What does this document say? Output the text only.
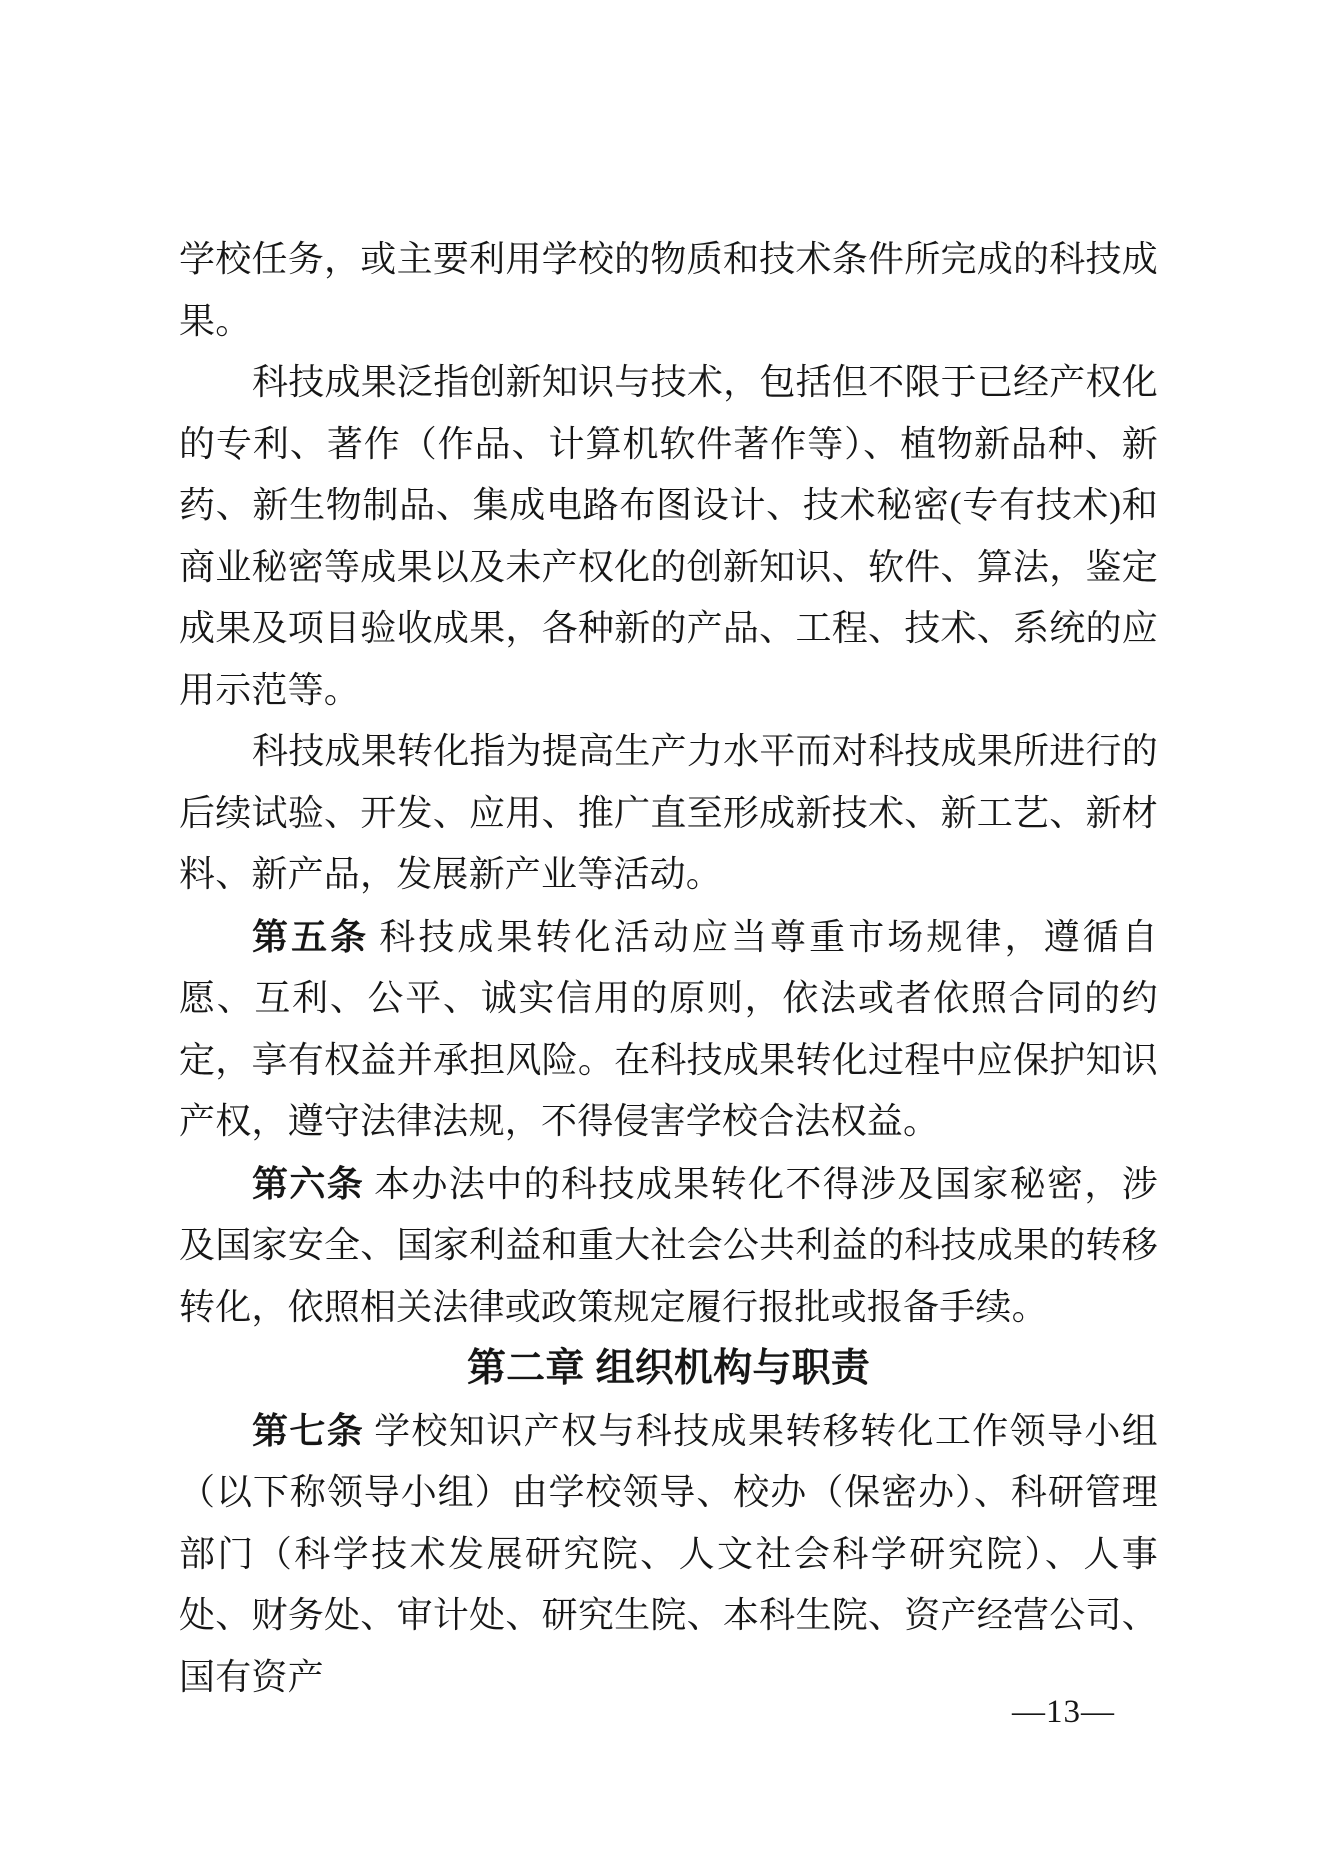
学校任务，或主要利用学校的物质和技术条件所完成的科技成果。

科技成果泛指创新知识与技术，包括但不限于已经产权化的专利、著作（作品、计算机软件著作等）、植物新品种、新药、新生物制品、集成电路布图设计、技术秘密(专有技术)和商业秘密等成果以及未产权化的创新知识、软件、算法，鉴定成果及项目验收成果，各种新的产品、工程、技术、系统的应用示范等。

科技成果转化指为提高生产力水平而对科技成果所进行的后续试验、开发、应用、推广直至形成新技术、新工艺、新材料、新产品，发展新产业等活动。

第五条 科技成果转化活动应当尊重市场规律，遵循自愿、互利、公平、诚实信用的原则，依法或者依照合同的约定，享有权益并承担风险。在科技成果转化过程中应保护知识产权，遵守法律法规，不得侵害学校合法权益。

第六条 本办法中的科技成果转化不得涉及国家秘密，涉及国家安全、国家利益和重大社会公共利益的科技成果的转移转化，依照相关法律或政策规定履行报批或报备手续。

第二章 组织机构与职责

第七条 学校知识产权与科技成果转移转化工作领导小组（以下称领导小组）由学校领导、校办（保密办）、科研管理部门（科学技术发展研究院、人文社会科学研究院）、人事处、财务处、审计处、研究生院、本科生院、资产经营公司、国有资产

—13—
